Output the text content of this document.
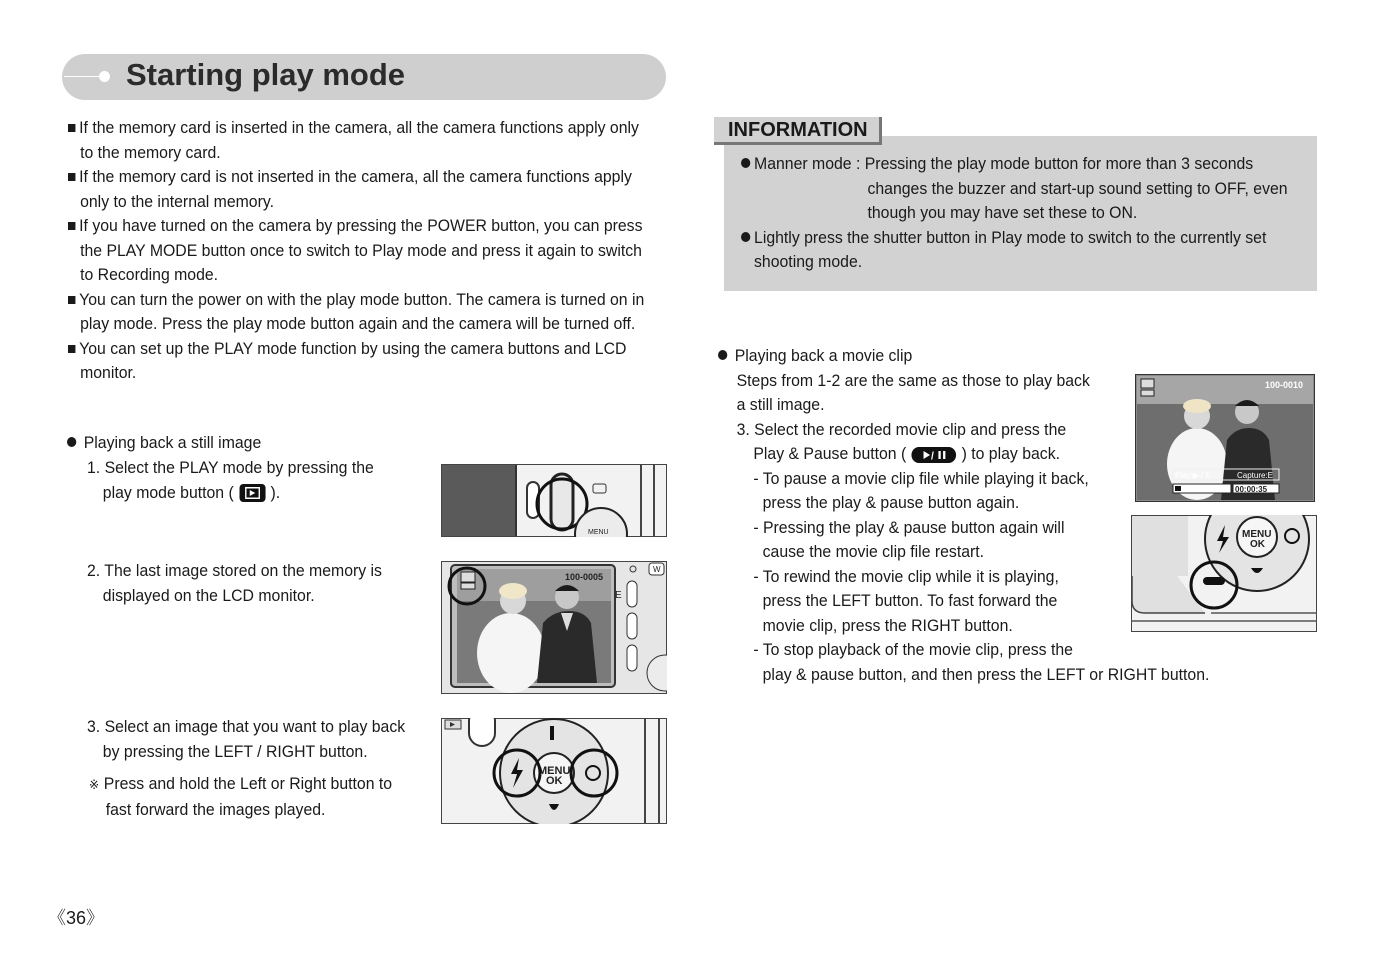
Starting play mode
If the memory card is inserted in the camera, all the camera functions apply only
to the memory card.
If the memory card is not inserted in the camera, all the camera functions apply
only to the internal memory.
If you have turned on the camera by pressing the POWER button, you can press
the PLAY MODE button once to switch to Play mode and press it again to switch
to Recording mode.
You can turn the power on with the play mode button. The camera is turned on in
play mode. Press the play mode button again and the camera will be turned off.
You can set up the PLAY mode function by using the camera buttons and LCD
monitor.
Playing back a still image
1. Select the PLAY mode by pressing the
play mode button ( ).
2. The last image stored on the memory is
displayed on the LCD monitor.
3. Select an image that you want to play back
by pressing the LEFT / RIGHT button.
※ Press and hold the Left or Right button to
fast forward the images played.
MENU
100-0005
W
E
MENU
OK
INFORMATION
Manner mode : Pressing the play mode button for more than 3 seconds
changes the buzzer and start-up sound setting to OFF, even
though you may have set these to ON.
Lightly press the shutter button in Play mode to switch to the currently set
shooting mode.
Playing back a movie clip
Steps from 1-2 are the same as those to play back
a still image.
3. Select the recorded movie clip and press the
Play & Pause button ( / ) to play back.
- To pause a movie clip file while playing it back,
press the play & pause button again.
- Pressing the play & pause button again will
cause the movie clip file restart.
- To rewind the movie clip while it is playing,
press the LEFT button. To fast forward the
movie clip, press the RIGHT button.
- To stop playback of the movie clip, press the
play & pause button, and then press the LEFT or RIGHT button.
100-0010
Play:▶ / ‖	Capture:E
00:00:35
MENU
OK
《36》
